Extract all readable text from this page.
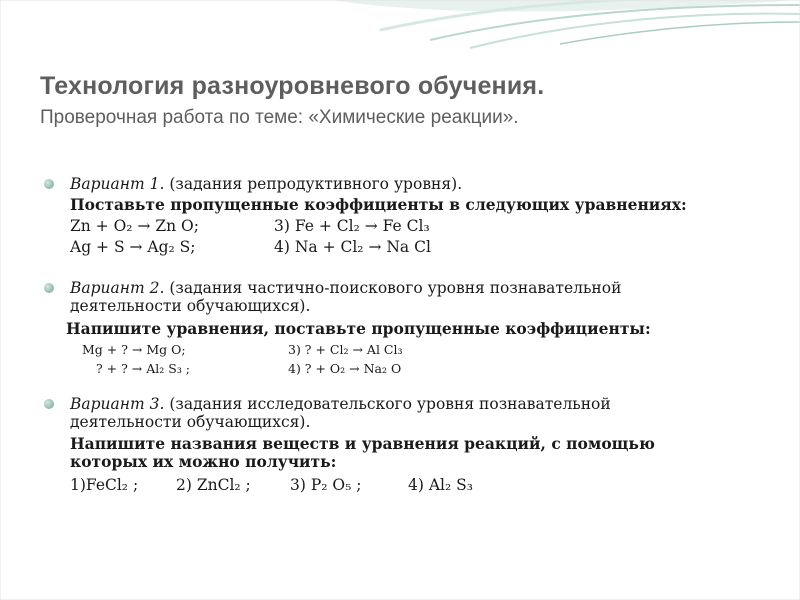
Технология разноуровневого обучения.
Проверочная работа по теме: «Химические реакции».
Вариант 1. (задания репродуктивного уровня).
Поставьте пропущенные коэффициенты в следующих уравнениях:
Zn + O₂ → Zn O;	3) Fe + Cl₂ → Fe Cl₃
Ag + S → Ag₂ S;	4) Na + Cl₂ → Na Cl
Вариант 2. (задания частично-поискового уровня познавательной
деятельности обучающихся).
Напишите уравнения, поставьте пропущенные коэффициенты:
Mg + ? → Mg O;	3) ? + Cl₂ → Al Cl₃
? + ? → Al₂ S₃ ;	4) ? + O₂ → Na₂ O
Вариант 3. (задания исследовательского уровня познавательной
деятельности обучающихся).
Напишите названия веществ и уравнения реакций, с помощью
которых их можно получить:
1)FeCl₂ ; 2) ZnCl₂ ;	3) P₂ O₅ ;	4) Al₂ S₃
